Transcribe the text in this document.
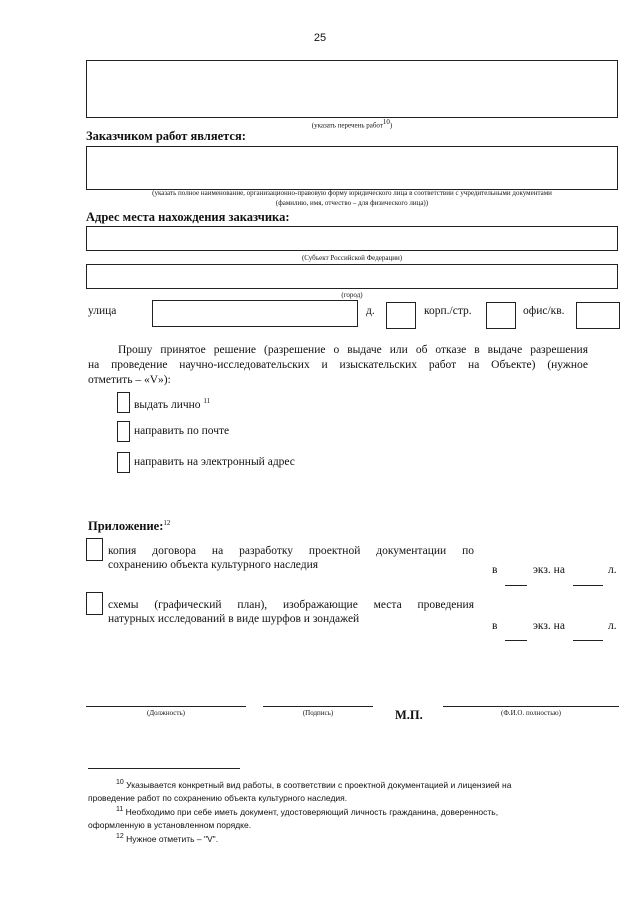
25
(указать перечень работ$^{10}$)
Заказчиком работ является:
(указать полное наименование, организационно-правовую форму юридического лица в соответствии с учредительными документами
(фамилию, имя, отчество – для физического лица))
Адрес места нахождения заказчика:
(Субъект Российской Федерации)
(город)
улица	д.	корп./стр.	офис/кв.
Прошу принятое решение (разрешение о выдаче или об отказе в выдаче разрешения
на проведение научно-исследовательских и изыскательских работ на Объекте) (нужное
отметить – «V»):
выдать лично $^{11}$
направить по почте
направить на электронный адрес
Приложение:$^{12}$
копия договора на разработку проектной документации по
сохранению объекта культурного наследия	в	экз. на	л.
схемы (графический план), изображающие места проведения
натурных исследований в виде шурфов и зондажей
в	экз. на	л.
(Должность)	(Подпись)	М.П.	(Ф.И.О. полностью)
$^{10}$ Указывается конкретный вид работы, в соответствии с проектной документацией и лицензией на
проведение работ по сохранению объекта культурного наследия.
$^{11}$ Необходимо при себе иметь документ, удостоверяющий личность гражданина, доверенность,
оформленную в установленном порядке.
$^{12}$ Нужное отметить – "V".
